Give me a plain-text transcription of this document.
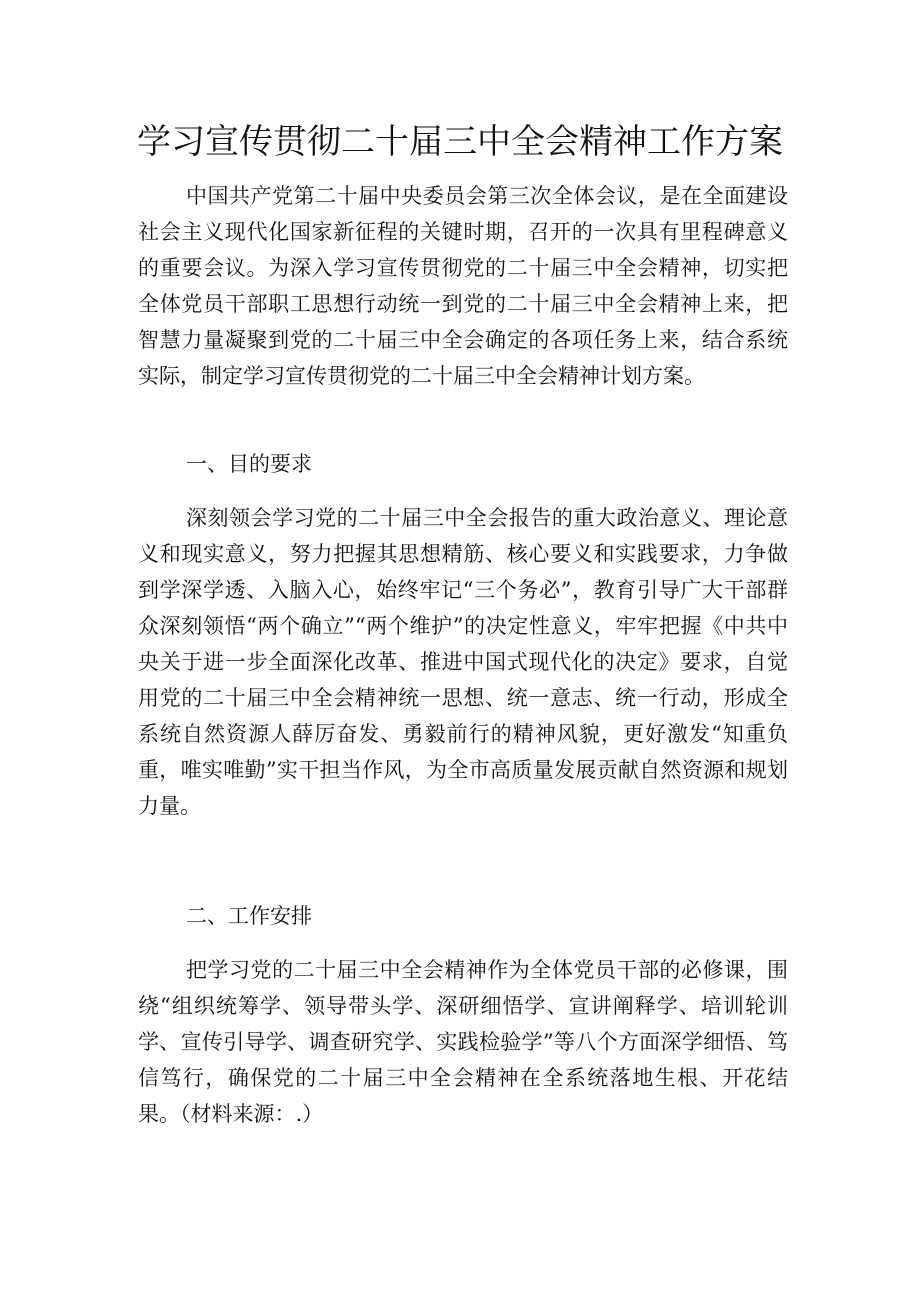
学习宣传贯彻二十届三中全会精神工作方案

中国共产党第二十届中央委员会第三次全体会议，是在全面建设社会主义现代化国家新征程的关键时期，召开的一次具有里程碑意义的重要会议。为深入学习宣传贯彻党的二十届三中全会精神，切实把全体党员干部职工思想行动统一到党的二十届三中全会精神上来，把智慧力量凝聚到党的二十届三中全会确定的各项任务上来，结合系统实际，制定学习宣传贯彻党的二十届三中全会精神计划方案。

一、目的要求

深刻领会学习党的二十届三中全会报告的重大政治意义、理论意义和现实意义，努力把握其思想精筋、核心要义和实践要求，力争做到学深学透、入脑入心，始终牢记“三个务必”，教育引导广大干部群众深刻领悟“两个确立”“两个维护”的决定性意义，牢牢把握《中共中央关于进一步全面深化改革、推进中国式现代化的决定》要求，自觉用党的二十届三中全会精神统一思想、统一意志、统一行动，形成全系统自然资源人薛厉奋发、勇毅前行的精神风貌，更好激发“知重负重，唯实唯勤”实干担当作风，为全市高质量发展贡献自然资源和规划力量。

二、工作安排

把学习党的二十届三中全会精神作为全体党员干部的必修课，围绕“组织统筹学、领导带头学、深研细悟学、宣讲阐释学、培训轮训学、宣传引导学、调查研究学、实践检验学”等八个方面深学细悟、笃信笃行，确保党的二十届三中全会精神在全系统落地生根、开花结果。（材料来源：.）
